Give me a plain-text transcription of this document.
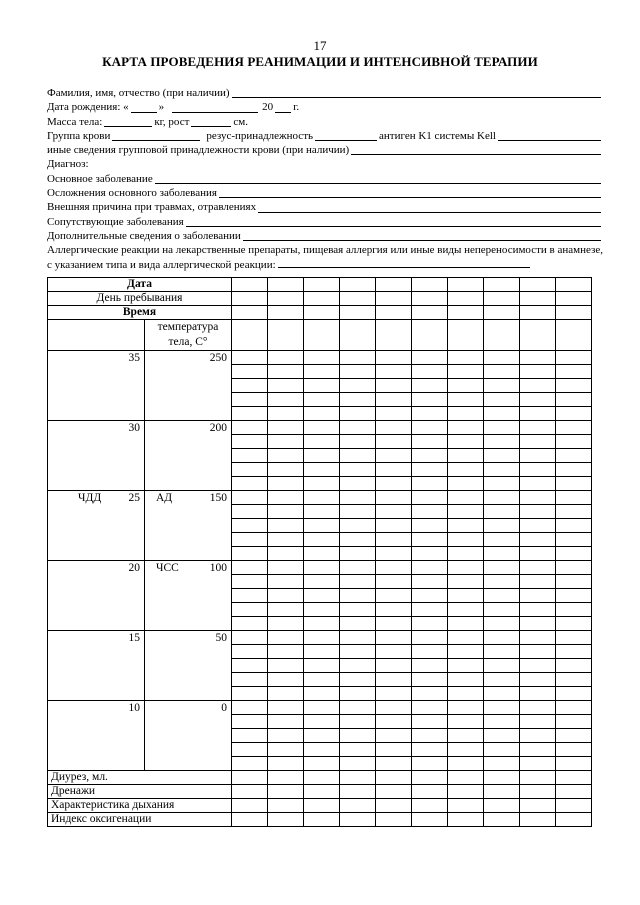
17
КАРТА ПРОВЕДЕНИЯ РЕАНИМАЦИИ И ИНТЕНСИВНОЙ ТЕРАПИИ
Фамилия, имя, отчество (при наличии)
Дата рождения: «	»	20 г.
Масса тела:	кг, рост	см.
Группа крови	резус-принадлежность	антиген K1 системы Kell
иные сведения групповой принадлежности крови (при наличии)
Диагноз:
Основное заболевание
Осложнения основного заболевания
Внешняя причина при травмах, отравлениях
Сопутствующие заболевания
Дополнительные сведения о заболевании
Аллергические реакции на лекарственные препараты, пищевая аллергия или иные виды непереносимости в анамнезе, с указанием типа и вида аллергической реакции:
Дата											
День пребывания											
Время											
	температура тела, С°										

35	250										

30	200										

ЧДД 25	АД 150										

20	ЧСС 100										

15	50										

10	0										

Диурез, мл.											
Дренажи											
Характеристика дыхания											
Индекс оксигенации											
